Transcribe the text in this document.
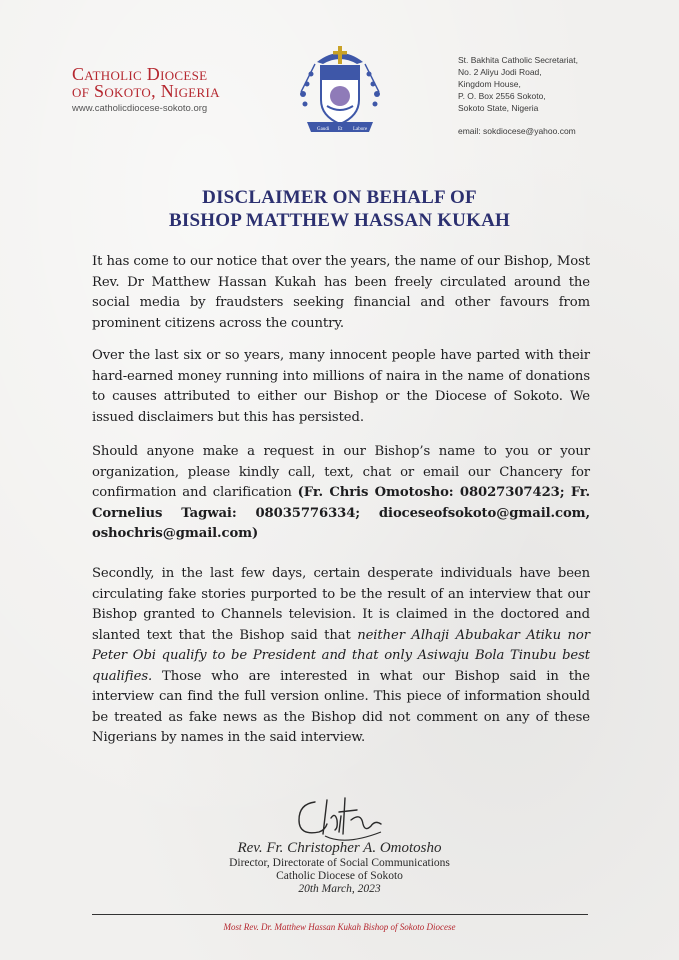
Catholic Diocese
of Sokoto, Nigeria
www.catholicdiocese-sokoto.org
Gaudi Et Labore
St. Bakhita Catholic Secretariat,
No. 2 Aliyu Jodi Road,
Kingdom House,
P. O. Box 2556 Sokoto,
Sokoto State, Nigeria
email: sokdiocese@yahoo.com
DISCLAIMER ON BEHALF OF
BISHOP MATTHEW HASSAN KUKAH

It has come to our notice that over the years, the name of our Bishop, Most Rev. Dr Matthew Hassan Kukah has been freely circulated around the social media by fraudsters seeking financial and other favours from prominent citizens across the country.

Over the last six or so years, many innocent people have parted with their hard-earned money running into millions of naira in the name of donations to causes attributed to either our Bishop or the Diocese of Sokoto. We issued disclaimers but this has persisted.

Should anyone make a request in our Bishop’s name to you or your organization, please kindly call, text, chat or email our Chancery for confirmation and clarification (Fr. Chris Omotosho: 08027307423; Fr. Cornelius Tagwai: 08035776334; dioceseofsokoto@gmail.com, oshochris@gmail.com)

Secondly, in the last few days, certain desperate individuals have been circulating fake stories purported to be the result of an interview that our Bishop granted to Channels television. It is claimed in the doctored and slanted text that the Bishop said that neither Alhaji Abubakar Atiku nor Peter Obi qualify to be President and that only Asiwaju Bola Tinubu best qualifies. Those who are interested in what our Bishop said in the interview can find the full version online. This piece of information should be treated as fake news as the Bishop did not comment on any of these Nigerians by names in the said interview.

Rev. Fr. Christopher A. Omotosho
Director, Directorate of Social Communications
Catholic Diocese of Sokoto
20th March, 2023
Most Rev. Dr. Matthew Hassan Kukah Bishop of Sokoto Diocese
